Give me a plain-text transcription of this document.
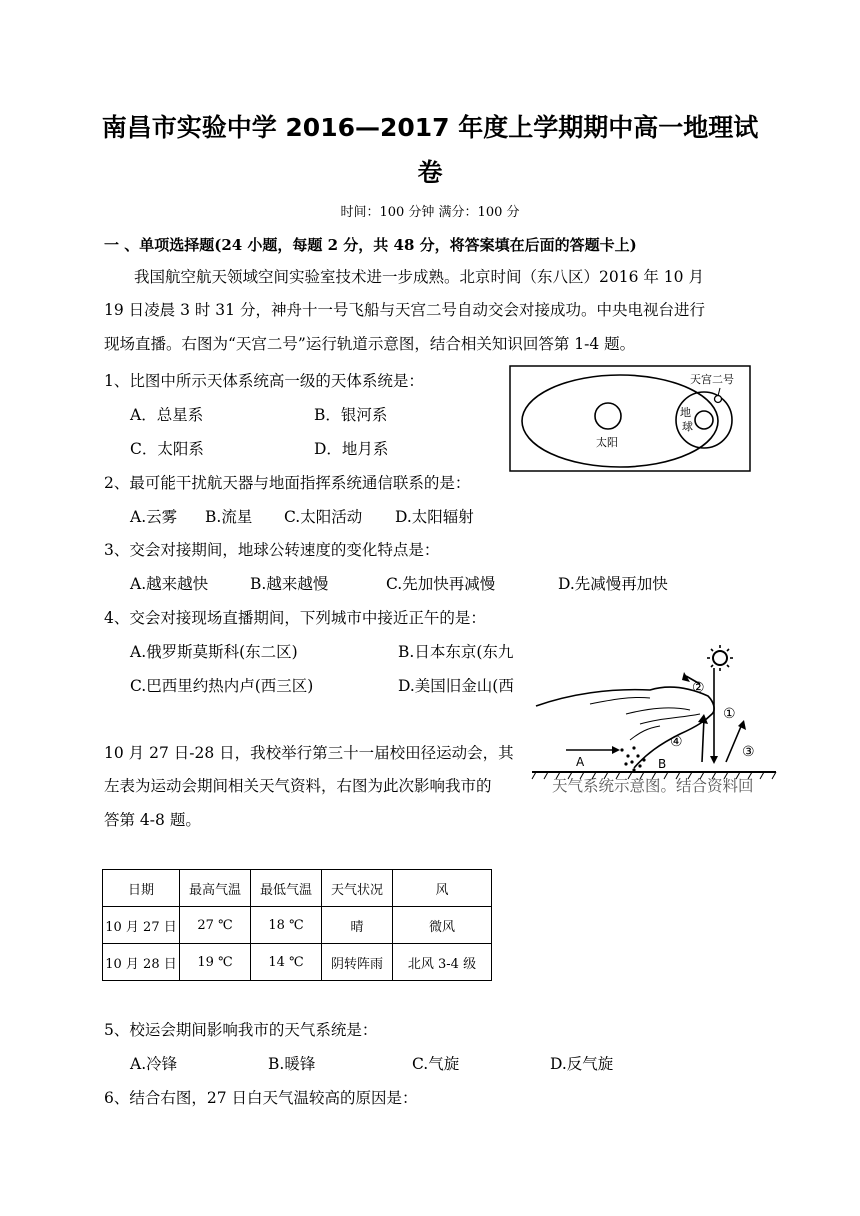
南昌市实验中学 2016—2017 年度上学期期中高一地理试
卷
时间：100 分钟 满分：100 分
一 、单项选择题(24 小题，每题 2 分，共 48 分，将答案填在后面的答题卡上)
我国航空航天领域空间实验室技术进一步成熟。北京时间（东八区）2016 年 10 月
19 日凌晨 3 时 31 分，神舟十一号飞船与天宫二号自动交会对接成功。中央电视台进行
现场直播。右图为“天宫二号”运行轨道示意图，结合相关知识回答第 1-4 题。
1、比图中所示天体系统高一级的天体系统是：
A．总星系	B．银河系
C．太阳系	D．地月系	太阳
地
球
天宫二号
2、最可能干扰航天器与地面指挥系统通信联系的是：
A.云雾 B.流星 C.太阳活动 D.太阳辐射
3、交会对接期间，地球公转速度的变化特点是：
A.越来越快	B.越来越慢	C.先加快再减慢	D.先减慢再加快
4、交会对接现场直播期间，下列城市中接近正午的是：
A.俄罗斯莫斯科(东二区)	B.日本东京(东九
C.巴西里约热内卢(西三区)	D.美国旧金山(西
10 月 27 日-28 日，我校举行第三十一届校田径运动会，其
左表为运动会期间相关天气资料，右图为此次影响我市的	天气系统示意图。结合资料回
答第 4-8 题。
A	B
①
②
③
④
日期	最高气温	最低气温	天气状况	风
10 月 27 日	27 ℃	18 ℃	晴	微风
10 月 28 日	19 ℃	14 ℃	阴转阵雨	北风 3-4 级
5、校运会期间影响我市的天气系统是：
A.冷锋	B.暖锋	C.气旋	D.反气旋
6、结合右图，27 日白天气温较高的原因是：
